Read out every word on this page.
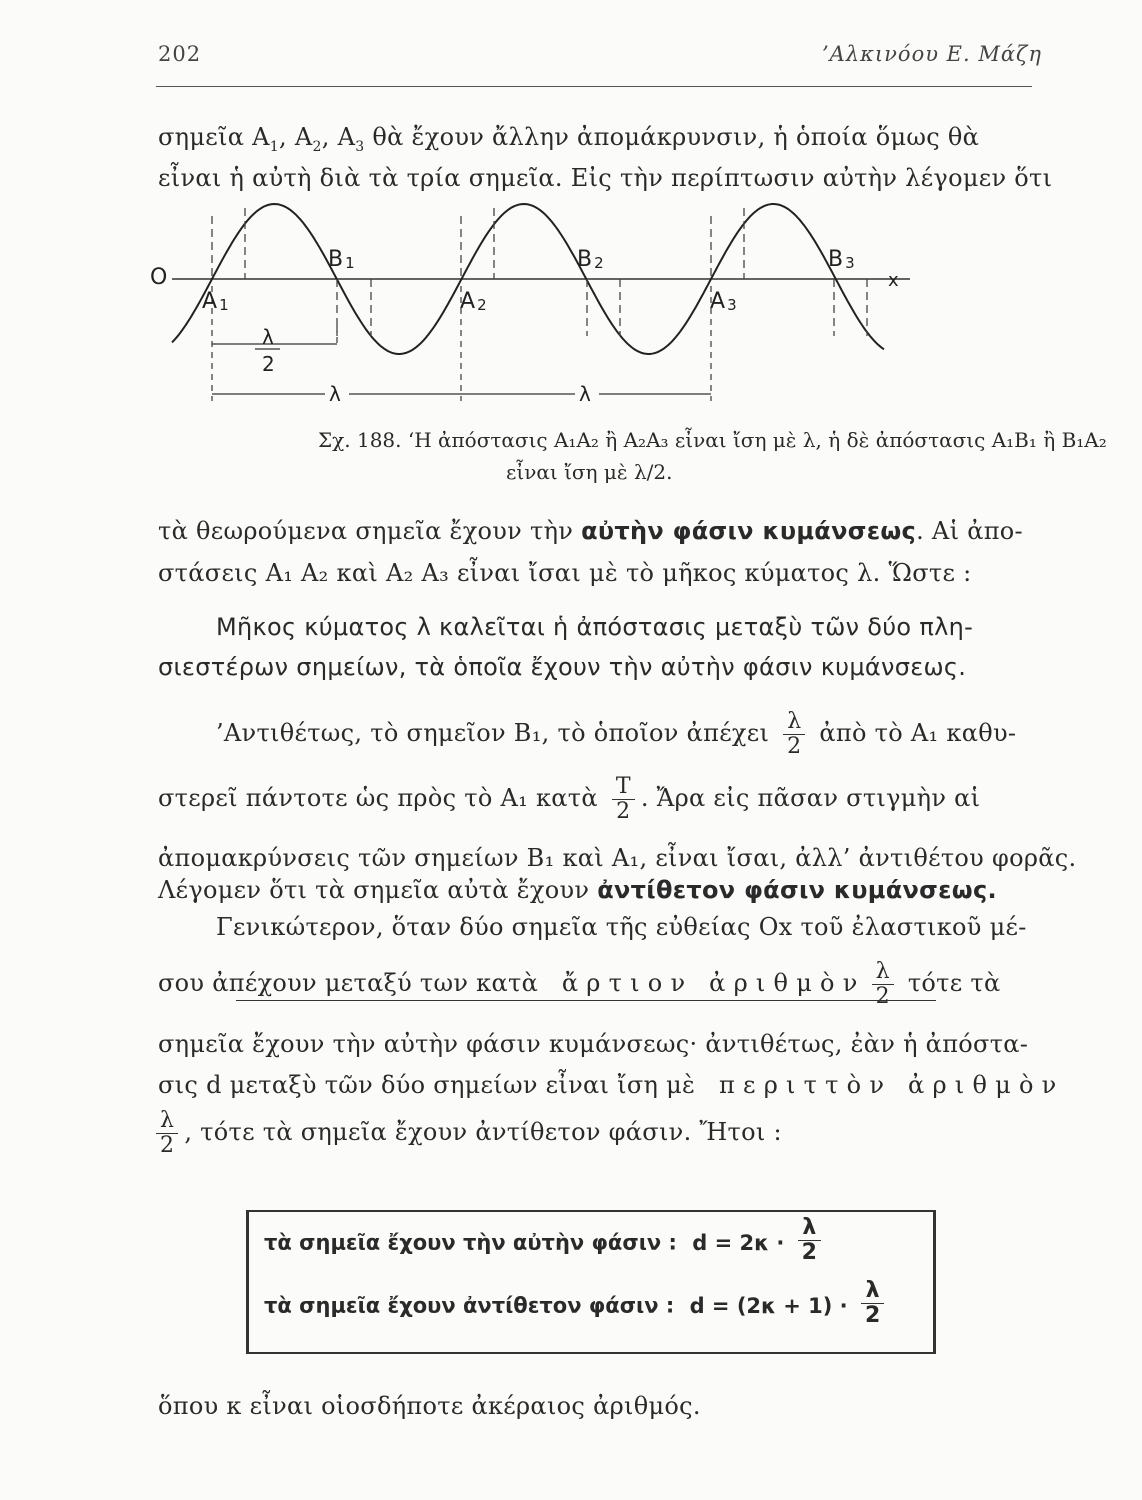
202	’Αλκινόου Ε. Μάζη
σημεῖα $A_1$, $A_2$, $A_3$ θὰ ἔχουν ἄλλην ἀπομάκρυνσιν, ἡ ὁποία ὅμως θὰ
εἶναι ἡ αὐτὴ διὰ τὰ τρία σημεῖα. Εἰς τὴν περίπτωσιν αὐτὴν λέγομεν ὅτι
O	x
A 1
B 1
A 2
B 2
A 3
B 3
λ
2
λ	λ
Σχ. 188. ‘Η ἀπόστασις A₁A₂ ἢ A₂A₃ εἶναι ἴση μὲ λ, ἡ δὲ ἀπόστασις A₁B₁ ἢ B₁A₂
εἶναι ἴση μὲ λ/2.
τὰ θεωρούμενα σημεῖα ἔχουν τὴν αὐτὴν φάσιν κυμάνσεως. Αἱ ἀπο-
στάσεις A₁ A₂ καὶ A₂ A₃ εἶναι ἴσαι μὲ τὸ μῆκος κύματος λ. Ὥστε :
Μῆκος κύματος λ καλεῖται ἡ ἀπόστασις μεταξὺ τῶν δύο πλη-
σιεστέρων σημείων, τὰ ὁποῖα ἔχουν τὴν αὐτὴν φάσιν κυμάνσεως.
’Αντιθέτως, τὸ σημεῖον B₁, τὸ ὁποῖον ἀπέχει $\frac{\lambda}{2}$ ἀπὸ τὸ A₁ καθυ-
στερεῖ πάντοτε ὡς πρὸς τὸ A₁ κατὰ $\frac{T}{2}$ . Ἄρα εἰς πᾶσαν στιγμὴν αἱ
ἀπομακρύνσεις τῶν σημείων B₁ καὶ A₁, εἶναι ἴσαι, ἀλλ’ ἀντιθέτου φορᾶς.
Λέγομεν ὅτι τὰ σημεῖα αὐτὰ ἔχουν ἀντίθετον φάσιν κυμάνσεως.
Γενικώτερον, ὅταν δύο σημεῖα τῆς εὐθείας Ox τοῦ ἐλαστικοῦ μέ-
σου ἀπέχουν μεταξύ των κατὰ   ἄ ρ τ ι ο ν   ἀ ρ ι θ μ ὸ ν $\frac{\lambda}{2}$ τότε τὰ
σημεῖα ἔχουν τὴν αὐτὴν φάσιν κυμάνσεως· ἀντιθέτως, ἐὰν ἡ ἀπόστα-
σις d μεταξὺ τῶν δύο σημείων εἶναι ἴση μὲ   π ε ρ ι τ τ ὸ ν   ἀ ρ ι θ μ ὸ ν
$\frac{\lambda}{2}$ , τότε τὰ σημεῖα ἔχουν ἀντίθετον φάσιν. Ἤτοι :
τὰ σημεῖα ἔχουν τὴν αὐτὴν φάσιν : $d = 2\kappa \cdot \frac{\lambda}{2}$
τὰ σημεῖα ἔχουν ἀντίθετον φάσιν : $d = (2\kappa + 1) \cdot \frac{\lambda}{2}$
ὅπου κ εἶναι οἱοσδήποτε ἀκέραιος ἀριθμός.
